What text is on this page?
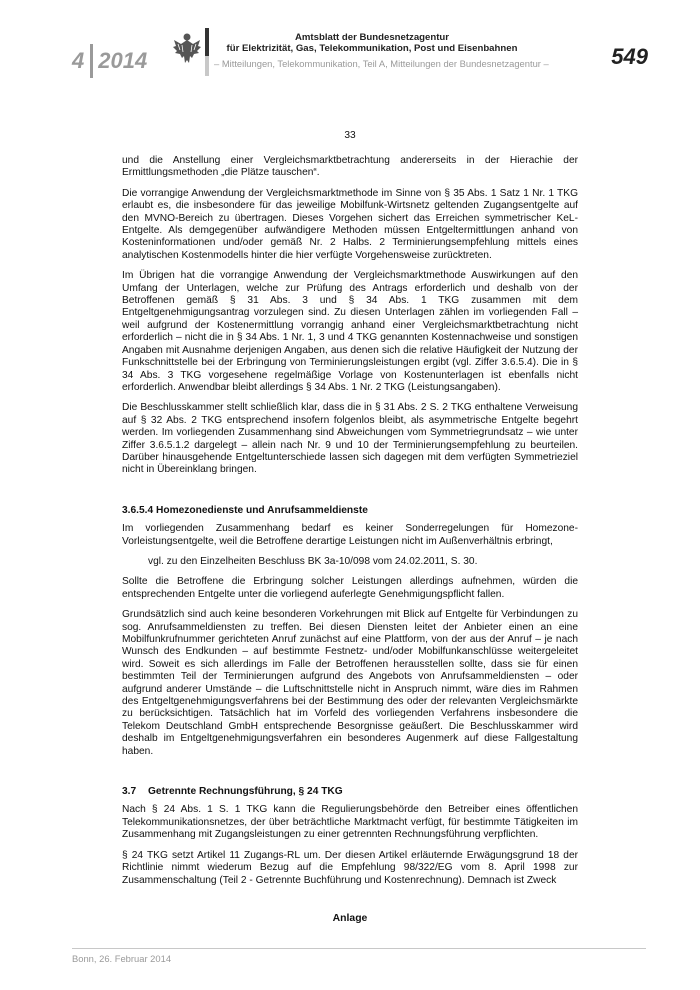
4 2014
Amtsblatt der Bundesnetzagentur
für Elektrizität, Gas, Telekommunikation, Post und Eisenbahnen
– Mitteilungen, Telekommunikation, Teil A, Mitteilungen der Bundesnetzagentur –	549
33

und die Anstellung einer Vergleichsmarktbetrachtung andererseits in der Hierachie der Ermittlungsmethoden „die Plätze tauschen“.

Die vorrangige Anwendung der Vergleichsmarktmethode im Sinne von § 35 Abs. 1 Satz 1 Nr. 1 TKG erlaubt es, die insbesondere für das jeweilige Mobilfunk-Wirtsnetz geltenden Zugangsentgelte auf den MVNO-Bereich zu übertragen. Dieses Vorgehen sichert das Erreichen symmetrischer KeL-Entgelte. Als demgegenüber aufwändigere Methoden müssen Entgeltermittlungen anhand von Kosteninformationen und/oder gemäß Nr. 2 Halbs. 2 Terminierungsempfehlung mittels eines analytischen Kostenmodells hinter die hier verfügte Vorgehensweise zurücktreten.

Im Übrigen hat die vorrangige Anwendung der Vergleichsmarktmethode Auswirkungen auf den Umfang der Unterlagen, welche zur Prüfung des Antrags erforderlich und deshalb von der Betroffenen gemäß § 31 Abs. 3 und § 34 Abs. 1 TKG zusammen mit dem Entgeltgenehmigungsantrag vorzulegen sind. Zu diesen Unterlagen zählen im vorliegenden Fall – weil aufgrund der Kostenermittlung vorrangig anhand einer Vergleichsmarktbetrachtung nicht erforderlich – nicht die in § 34 Abs. 1 Nr. 1, 3 und 4 TKG genannten Kostennachweise und sonstigen Angaben mit Ausnahme derjenigen Angaben, aus denen sich die relative Häufigkeit der Nutzung der Funkschnittstelle bei der Erbringung von Terminierungsleistungen ergibt (vgl. Ziffer 3.6.5.4). Die in § 34 Abs. 3 TKG vorgesehene regelmäßige Vorlage von Kostenunterlagen ist ebenfalls nicht erforderlich. Anwendbar bleibt allerdings § 34 Abs. 1 Nr. 2 TKG (Leistungsangaben).

Die Beschlusskammer stellt schließlich klar, dass die in § 31 Abs. 2 S. 2 TKG enthaltene Verweisung auf § 32 Abs. 2 TKG entsprechend insofern folgenlos bleibt, als asymmetrische Entgelte begehrt werden. Im vorliegenden Zusammenhang sind Abweichungen vom Symmetriegrundsatz – wie unter Ziffer 3.6.5.1.2 dargelegt – allein nach Nr. 9 und 10 der Terminierungsempfehlung zu beurteilen. Darüber hinausgehende Entgeltunterschiede lassen sich dagegen mit dem verfügten Symmetrieziel nicht in Übereinklang bringen.

3.6.5.4 Homezonedienste und Anrufsammeldienste

Im vorliegenden Zusammenhang bedarf es keiner Sonderregelungen für Homezone-Vorleistungsentgelte, weil die Betroffene derartige Leistungen nicht im Außenverhältnis erbringt,

vgl. zu den Einzelheiten Beschluss BK 3a-10/098 vom 24.02.2011, S. 30.

Sollte die Betroffene die Erbringung solcher Leistungen allerdings aufnehmen, würden die entsprechenden Entgelte unter die vorliegend auferlegte Genehmigungspflicht fallen.

Grundsätzlich sind auch keine besonderen Vorkehrungen mit Blick auf Entgelte für Verbindungen zu sog. Anrufsammeldiensten zu treffen. Bei diesen Diensten leitet der Anbieter einen an eine Mobilfunkrufnummer gerichteten Anruf zunächst auf eine Plattform, von der aus der Anruf – je nach Wunsch des Endkunden – auf bestimmte Festnetz- und/oder Mobilfunkanschlüsse weitergeleitet wird. Soweit es sich allerdings im Falle der Betroffenen herausstellen sollte, dass sie für einen bestimmten Teil der Terminierungen aufgrund des Angebots von Anrufsammeldiensten – oder aufgrund anderer Umstände – die Luftschnittstelle nicht in Anspruch nimmt, wäre dies im Rahmen des Entgeltgenehmigungsverfahrens bei der Bestimmung des oder der relevanten Vergleichsmärkte zu berücksichtigen. Tatsächlich hat im Vorfeld des vorliegenden Verfahrens insbesondere die Telekom Deutschland GmbH entsprechende Besorgnisse geäußert. Die Beschlusskammer wird deshalb im Entgeltgenehmigungsverfahren ein besonderes Augenmerk auf diese Fallgestaltung haben.

3.7 Getrennte Rechnungsführung, § 24 TKG

Nach § 24 Abs. 1 S. 1 TKG kann die Regulierungsbehörde den Betreiber eines öffentlichen Telekommunikationsnetzes, der über beträchtliche Marktmacht verfügt, für bestimmte Tätigkeiten im Zusammenhang mit Zugangsleistungen zu einer getrennten Rechnungsführung verpflichten.

§ 24 TKG setzt Artikel 11 Zugangs-RL um. Der diesen Artikel erläuternde Erwägungsgrund 18 der Richtlinie nimmt wiederum Bezug auf die Empfehlung 98/322/EG vom 8. April 1998 zur Zusammenschaltung (Teil 2 - Getrennte Buchführung und Kostenrechnung). Demnach ist Zweck

Anlage
Bonn, 26. Februar 2014
